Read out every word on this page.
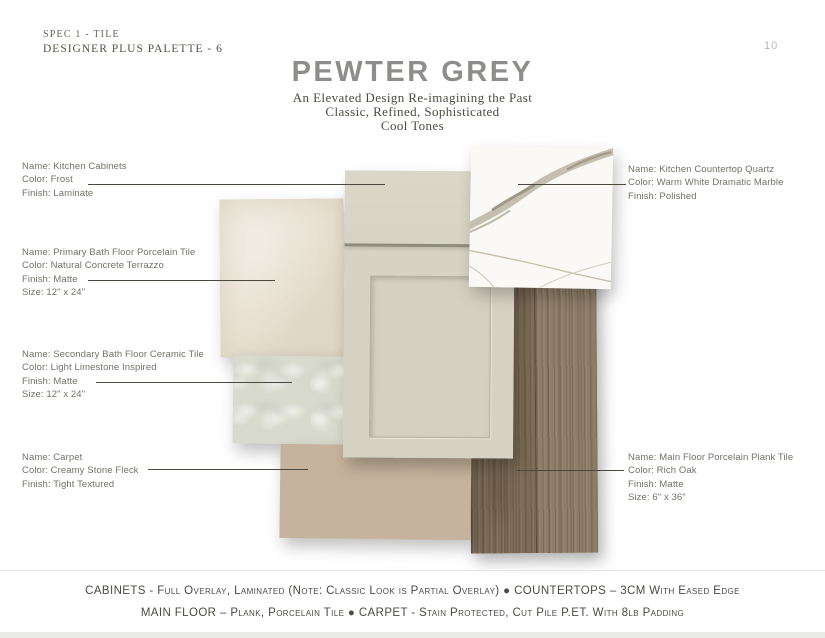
SPEC 1 - TILE
DESIGNER PLUS PALETTE - 6	10
PEWTER GREY
An Elevated Design Re-imagining the Past
Classic, Refined, Sophisticated
Cool Tones
Name: Kitchen Cabinets
Color: Frost
Finish: Laminate
Name: Primary Bath Floor Porcelain Tile
Color: Natural Concrete Terrazzo
Finish: Matte
Size: 12" x 24"
Name: Secondary Bath Floor Ceramic Tile
Color: Light Limestone Inspired
Finish: Matte
Size: 12" x 24"
Name: Carpet
Color: Creamy Stone Fleck
Finish: Tight Textured
Name: Kitchen Countertop Quartz
Color: Warm White Dramatic Marble
Finish: Polished
Name: Main Floor Porcelain Plank Tile
Color: Rich Oak
Finish: Matte
Size: 6" x 36"
CABINETS - Full Overlay, Laminated (Note: Classic Look is Partial Overlay) ● COUNTERTOPS – 3CM With Eased Edge
MAIN FLOOR – Plank, Porcelain Tile ● CARPET - Stain Protected, Cut Pile P.ET. With 8lb Padding
